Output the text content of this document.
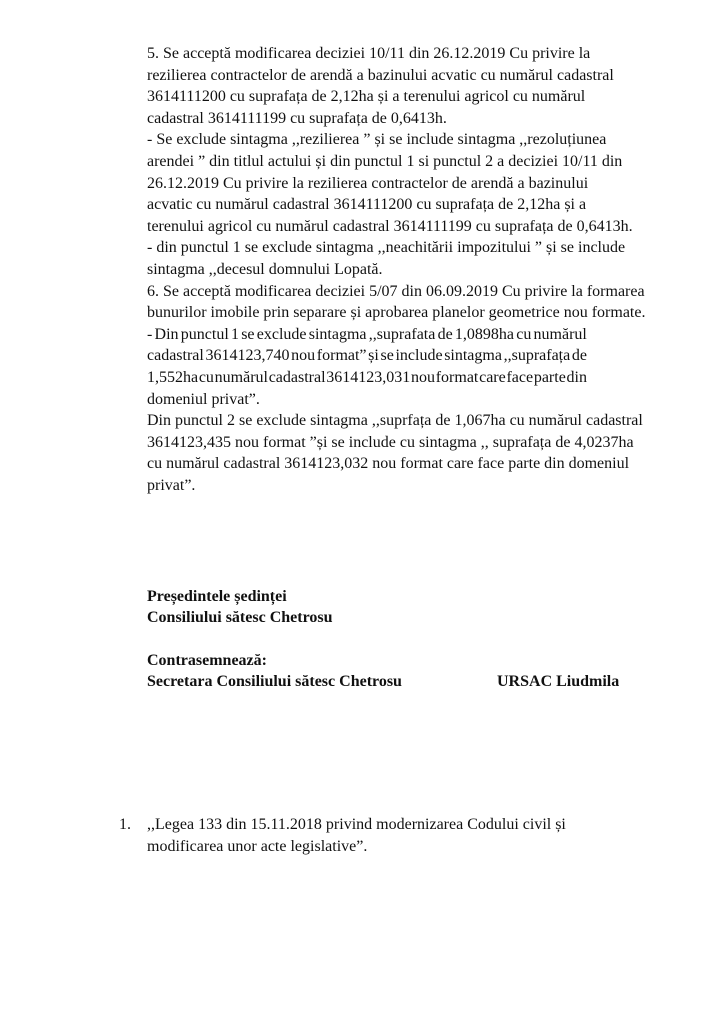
5. Se acceptă modificarea deciziei 10/11 din 26.12.2019 Cu privire la
rezilierea contractelor de arendă a bazinului acvatic cu numărul cadastral
3614111200 cu suprafața de 2,12ha și a terenului agricol cu numărul
cadastral 3614111199 cu suprafața de 0,6413h.
- Se exclude sintagma ,,rezilierea ” și se include sintagma ,,rezoluțiunea
arendei ” din titlul actului și din punctul 1 si punctul 2 a deciziei 10/11 din
26.12.2019 Cu privire la rezilierea contractelor de arendă a bazinului
acvatic cu numărul cadastral 3614111200 cu suprafața de 2,12ha și a
terenului agricol cu numărul cadastral 3614111199 cu suprafața de 0,6413h.
- din punctul 1 se exclude sintagma ,,neachitării impozitului ” și se include
sintagma ,,decesul domnului Lopată.
6. Se acceptă modificarea deciziei 5/07 din 06.09.2019 Cu privire la formarea
bunurilor imobile prin separare și aprobarea planelor geometrice nou formate.
- Din punctul 1 se exclude sintagma ,,suprafata de 1,0898ha cu numărul
cadastral 3614123,740 nou format” și se include sintagma ,,suprafața de
1,552ha cu numărul cadastral 3614123,031 nou format care face parte din
domeniul privat”.
Din punctul 2 se exclude sintagma ,,suprfața de 1,067ha cu numărul cadastral
3614123,435 nou format ”și se include cu sintagma ,, suprafața de 4,0237ha
cu numărul cadastral 3614123,032 nou format care face parte din domeniul
privat”.
Președintele ședinței
Consiliului sătesc Chetrosu
Contrasemnează:
Secretara Consiliului sătesc Chetrosu	URSAC Liudmila
1. ,,Legea 133 din 15.11.2018 privind modernizarea Codului civil și
modificarea unor acte legislative”.
